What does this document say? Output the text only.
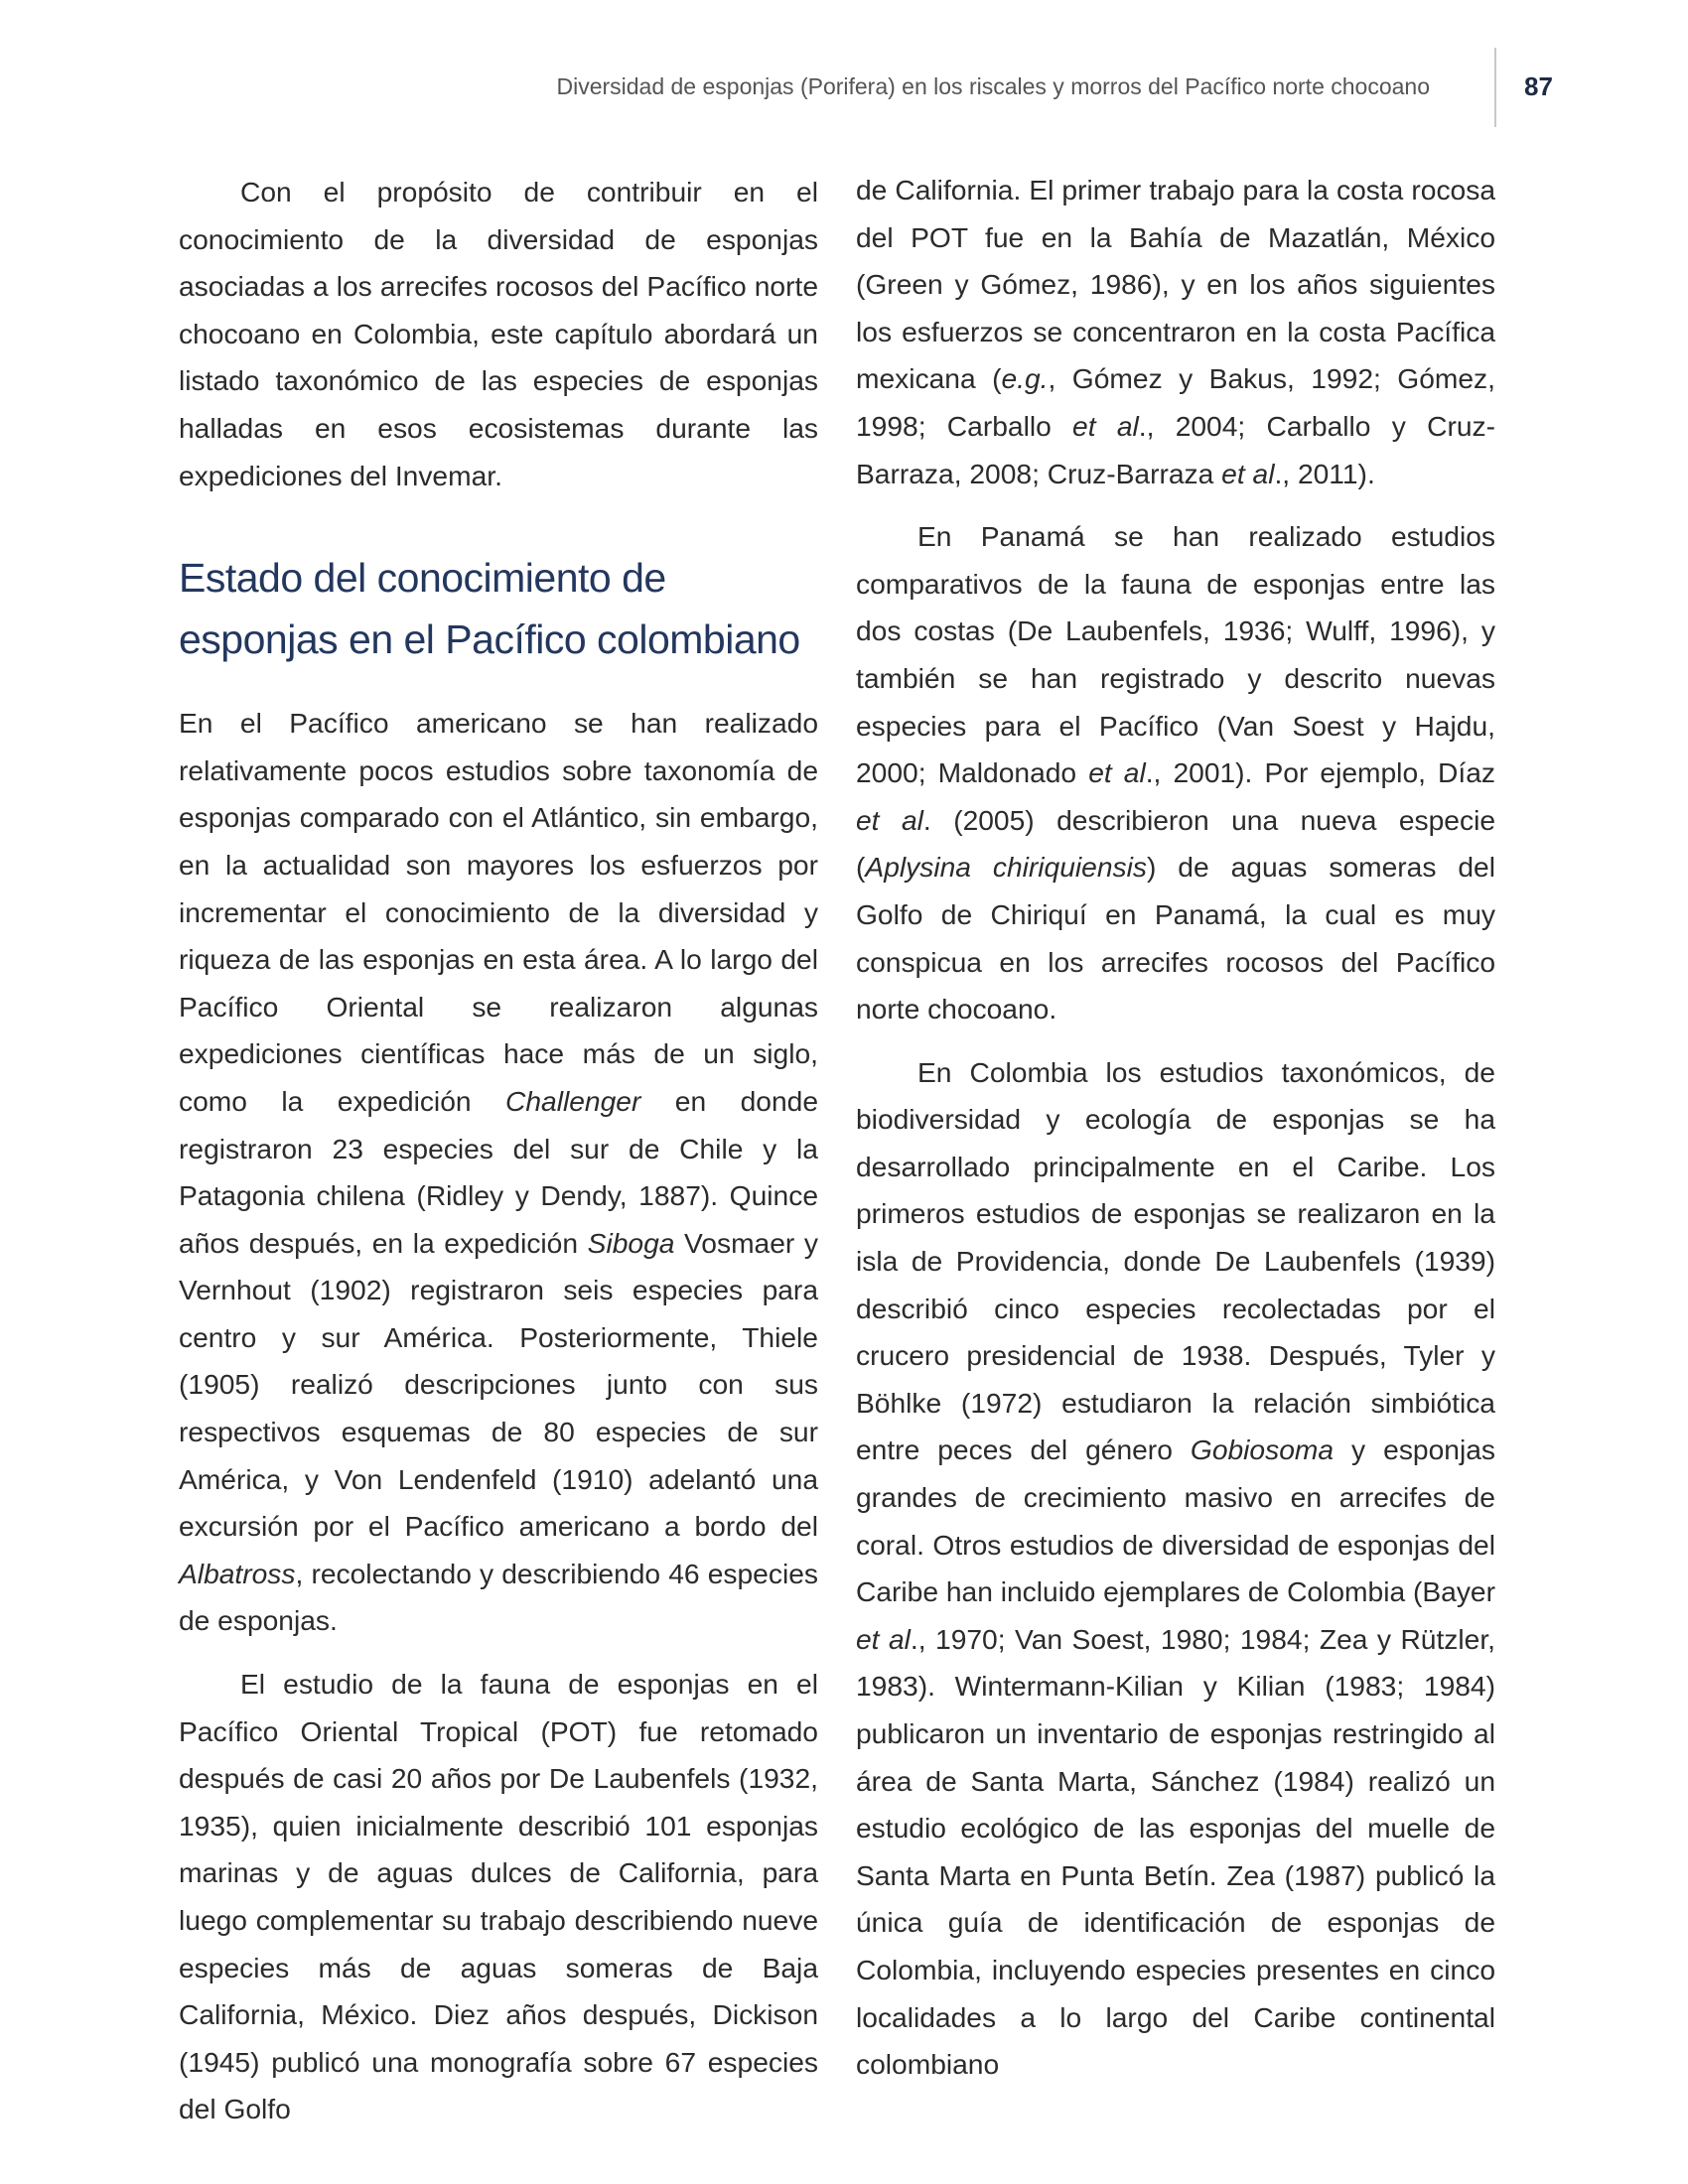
Diversidad de esponjas (Porifera) en los riscales y morros del Pacífico norte chocoano	87

Con el propósito de contribuir en el conocimiento de la diversidad de esponjas asociadas a los arrecifes rocosos del Pacífico norte chocoano en Colombia, este capítulo abordará un listado taxonómico de las especies de esponjas halladas en esos ecosistemas durante las expediciones del Invemar.

Estado del conocimiento de esponjas en el Pacífico colombiano

En el Pacífico americano se han realizado relativamente pocos estudios sobre taxonomía de esponjas comparado con el Atlántico, sin embargo, en la actualidad son mayores los esfuerzos por incrementar el conocimiento de la diversidad y riqueza de las esponjas en esta área. A lo largo del Pacífico Oriental se realizaron algunas expediciones científicas hace más de un siglo, como la expedición Challenger en donde registraron 23 especies del sur de Chile y la Patagonia chilena (Ridley y Dendy, 1887). Quince años después, en la expedición Siboga Vosmaer y Vernhout (1902) registraron seis especies para centro y sur América. Posteriormente, Thiele (1905) realizó descripciones junto con sus respectivos esquemas de 80 especies de sur América, y Von Lendenfeld (1910) adelantó una excursión por el Pacífico americano a bordo del Albatross, recolectando y describiendo 46 especies de esponjas.

El estudio de la fauna de esponjas en el Pacífico Oriental Tropical (POT) fue retomado después de casi 20 años por De Laubenfels (1932, 1935), quien inicialmente describió 101 esponjas marinas y de aguas dulces de California, para luego complementar su trabajo describiendo nueve especies más de aguas someras de Baja California, México. Diez años después, Dickison (1945) publicó una monografía sobre 67 especies del Golfo

de California. El primer trabajo para la costa rocosa del POT fue en la Bahía de Mazatlán, México (Green y Gómez, 1986), y en los años siguientes los esfuerzos se concentraron en la costa Pacífica mexicana (e.g., Gómez y Bakus, 1992; Gómez, 1998; Carballo et al., 2004; Carballo y Cruz-Barraza, 2008; Cruz-Barraza et al., 2011).

En Panamá se han realizado estudios comparativos de la fauna de esponjas entre las dos costas (De Laubenfels, 1936; Wulff, 1996), y también se han registrado y descrito nuevas especies para el Pacífico (Van Soest y Hajdu, 2000; Maldonado et al., 2001). Por ejemplo, Díaz et al. (2005) describieron una nueva especie (Aplysina chiriquiensis) de aguas someras del Golfo de Chiriquí en Panamá, la cual es muy conspicua en los arrecifes rocosos del Pacífico norte chocoano.

En Colombia los estudios taxonómicos, de biodiversidad y ecología de esponjas se ha desarrollado principalmente en el Caribe. Los primeros estudios de esponjas se realizaron en la isla de Providencia, donde De Laubenfels (1939) describió cinco especies recolectadas por el crucero presidencial de 1938. Después, Tyler y Böhlke (1972) estudiaron la relación simbiótica entre peces del género Gobiosoma y esponjas grandes de crecimiento masivo en arrecifes de coral. Otros estudios de diversidad de esponjas del Caribe han incluido ejemplares de Colombia (Bayer et al., 1970; Van Soest, 1980; 1984; Zea y Rützler, 1983). Wintermann-Kilian y Kilian (1983; 1984) publicaron un inventario de esponjas restringido al área de Santa Marta, Sánchez (1984) realizó un estudio ecológico de las esponjas del muelle de Santa Marta en Punta Betín. Zea (1987) publicó la única guía de identificación de esponjas de Colombia, incluyendo especies presentes en cinco localidades a lo largo del Caribe continental colombiano
